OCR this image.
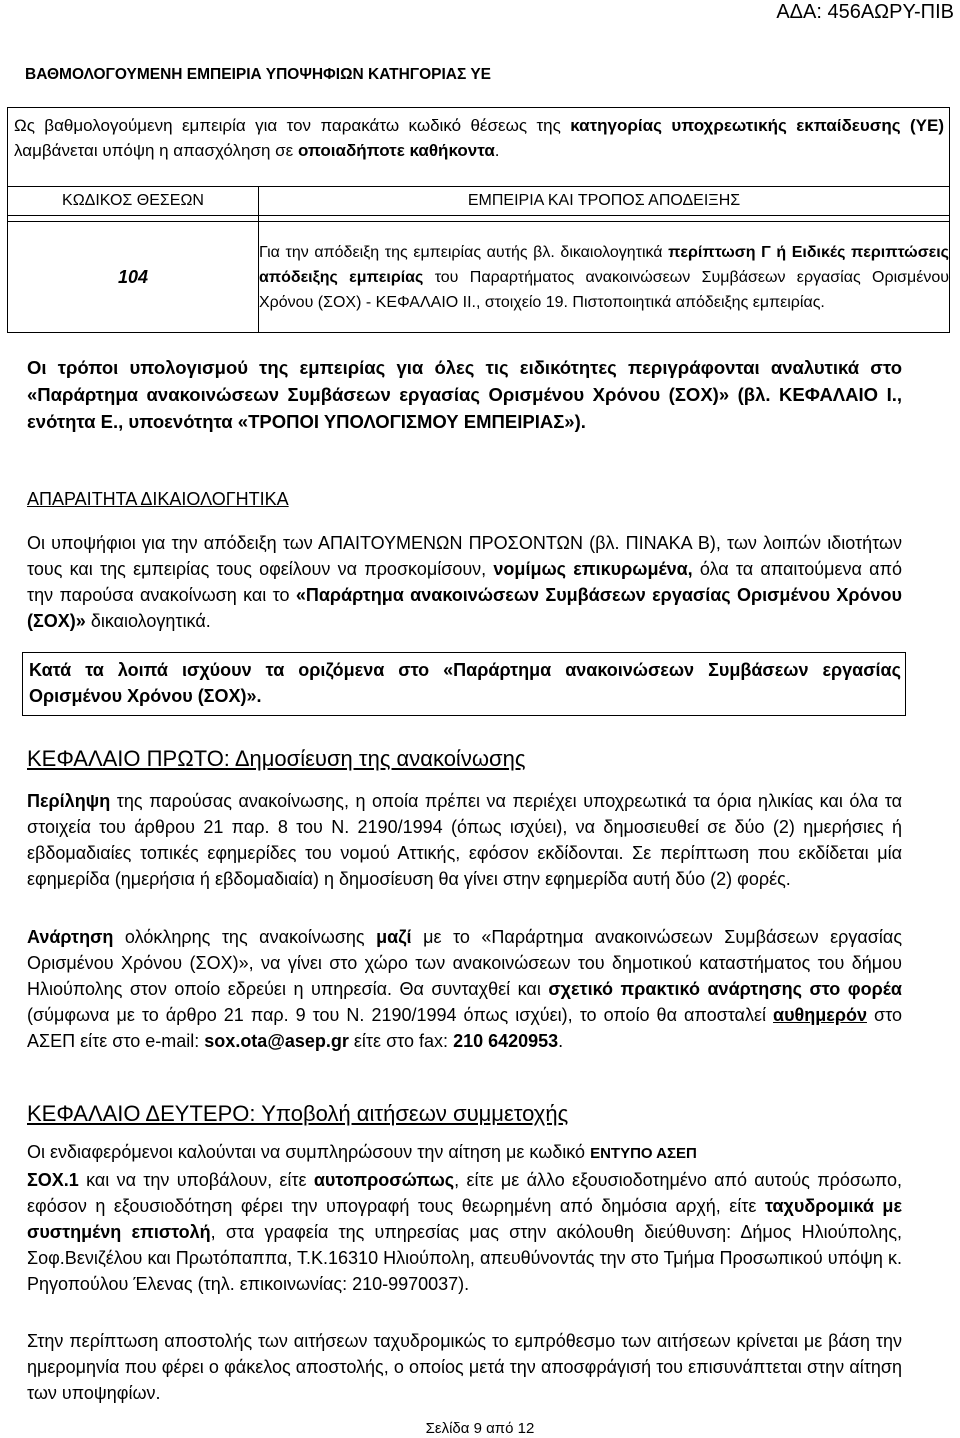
ΑΔΑ: 456ΑΩΡΥ-ΠΙΒ
ΒΑΘΜΟΛΟΓΟΥΜΕΝΗ ΕΜΠΕΙΡΙΑ ΥΠΟΨΗΦΙΩΝ ΚΑΤΗΓΟΡΙΑΣ ΥΕ
Ως βαθμολογούμενη εμπειρία για τον παρακάτω κωδικό θέσεως της κατηγορίας υποχρεωτικής εκπαίδευσης (ΥΕ) λαμβάνεται υπόψη η απασχόληση σε οποιαδήποτε καθήκοντα.
ΚΩΔΙΚΟΣ ΘΕΣΕΩΝ	ΕΜΠΕΙΡΙΑ ΚΑΙ ΤΡΟΠΟΣ ΑΠΟΔΕΙΞΗΣ

104	Για την απόδειξη της εμπειρίας αυτής βλ. δικαιολογητικά περίπτωση Γ ή Ειδικές περιπτώσεις απόδειξης εμπειρίας του Παραρτήματος ανακοινώσεων Συμβάσεων εργασίας Ορισμένου Χρόνου (ΣΟΧ) - ΚΕΦΑΛΑΙΟ ΙΙ., στοιχείο 19. Πιστοποιητικά απόδειξης εμπειρίας.
Οι τρόποι υπολογισμού της εμπειρίας για όλες τις ειδικότητες περιγράφονται αναλυτικά στο «Παράρτημα ανακοινώσεων Συμβάσεων εργασίας Ορισμένου Χρόνου (ΣΟΧ)» (βλ. ΚΕΦΑΛΑΙΟ Ι., ενότητα Ε., υποενότητα «ΤΡΟΠΟΙ ΥΠΟΛΟΓΙΣΜΟΥ ΕΜΠΕΙΡΙΑΣ»).
ΑΠΑΡΑΙΤΗΤΑ ΔΙΚΑΙΟΛΟΓΗΤΙΚΑ
Οι υποψήφιοι για την απόδειξη των ΑΠΑΙΤΟΥΜΕΝΩΝ ΠΡΟΣΟΝΤΩΝ (βλ. ΠΙΝΑΚΑ Β), των λοιπών ιδιοτήτων τους και της εμπειρίας τους οφείλουν να προσκομίσουν, νομίμως επικυρωμένα, όλα τα απαιτούμενα από την παρούσα ανακοίνωση και το «Παράρτημα ανακοινώσεων Συμβάσεων εργασίας Ορισμένου Χρόνου (ΣΟΧ)» δικαιολογητικά.
Κατά τα λοιπά ισχύουν τα οριζόμενα στο «Παράρτημα ανακοινώσεων Συμβάσεων εργασίας Ορισμένου Χρόνου (ΣΟΧ)».
ΚΕΦΑΛΑΙΟ ΠΡΩΤΟ: Δημοσίευση της ανακοίνωσης
Περίληψη της παρούσας ανακοίνωσης, η οποία πρέπει να περιέχει υποχρεωτικά τα όρια ηλικίας και όλα τα στοιχεία του άρθρου 21 παρ. 8 του Ν. 2190/1994 (όπως ισχύει), να δημοσιευθεί σε δύο (2) ημερήσιες ή εβδομαδιαίες τοπικές εφημερίδες του νομού Αττικής, εφόσον εκδίδονται. Σε περίπτωση που εκδίδεται μία εφημερίδα (ημερήσια ή εβδομαδιαία) η δημοσίευση θα γίνει στην εφημερίδα αυτή δύο (2) φορές.
Ανάρτηση ολόκληρης της ανακοίνωσης μαζί με το «Παράρτημα ανακοινώσεων Συμβάσεων εργασίας Ορισμένου Χρόνου (ΣΟΧ)», να γίνει στο χώρο των ανακοινώσεων του δημοτικού καταστήματος του δήμου Ηλιούπολης στον οποίο εδρεύει η υπηρεσία. Θα συνταχθεί και σχετικό πρακτικό ανάρτησης στο φορέα (σύμφωνα με το άρθρο 21 παρ. 9 του Ν. 2190/1994 όπως ισχύει), το οποίο θα αποσταλεί αυθημερόν στο ΑΣΕΠ είτε στο e-mail: sox.ota@asep.gr είτε στο fax: 210 6420953.
ΚΕΦΑΛΑΙΟ ΔΕΥΤΕΡΟ: Υποβολή αιτήσεων συμμετοχής
Οι ενδιαφερόμενοι καλούνται να συμπληρώσουν την αίτηση με κωδικό ΕΝΤΥΠΟ ΑΣΕΠ
ΣΟΧ.1 και να την υποβάλουν, είτε αυτοπροσώπως, είτε με άλλο εξουσιοδοτημένο από αυτούς πρόσωπο, εφόσον η εξουσιοδότηση φέρει την υπογραφή τους θεωρημένη από δημόσια αρχή, είτε ταχυδρομικά με συστημένη επιστολή, στα γραφεία της υπηρεσίας μας στην ακόλουθη διεύθυνση: Δήμος Ηλιούπολης, Σοφ.Βενιζέλου και Πρωτόπαππα, Τ.Κ.16310 Ηλιούπολη, απευθύνοντάς την στο Τμήμα Προσωπικού υπόψη κ. Ρηγοπούλου Έλενας (τηλ. επικοινωνίας: 210-9970037).
Στην περίπτωση αποστολής των αιτήσεων ταχυδρομικώς το εμπρόθεσμο των αιτήσεων κρίνεται με βάση την ημερομηνία που φέρει ο φάκελος αποστολής, ο οποίος μετά την αποσφράγισή του επισυνάπτεται στην αίτηση των υποψηφίων.
Σελίδα 9 από 12
